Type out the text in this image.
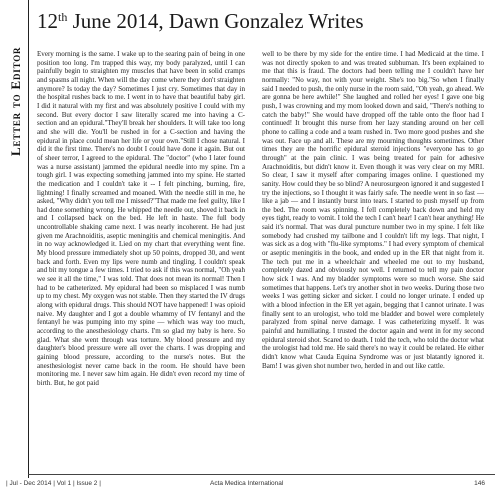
Letter to Editor
12th June 2014, Dawn Gonzalez Writes

Every morning is the same. I wake up to the searing pain of being in one position too long. I'm trapped this way, my body paralyzed, until I can painfully begin to straighten my muscles that have been in solid cramps and spasms all night. When will the day come where they don't straighten anymore? Is today the day? Sometimes I just cry. Sometimes that day in the hospital rushes back to me. I went in to have that beautiful baby girl. I did it natural with my first and was absolutely positive I could with my second. But every doctor I saw literally scared me into having a C-section and an epidural."They'll break her shoulders. It will take too long and she will die. You'll be rushed in for a C-section and having the epidural in place could mean her life or your own."Still I chose natural. I did it the first time. There's no doubt I could have done it again. But out of sheer terror, I agreed to the epidural. The "doctor" (who I later found was a nurse assistant) jammed the epidural needle into my spine. I'm a tough girl. I was expecting something jammed into my spine. He started the medication and I couldn't take it -- I felt pinching, burning, fire, lightning! I finally screamed and moaned. With the needle still in me, he asked, "Why didn't you tell me I missed?"That made me feel guilty, like I had done something wrong. He whipped the needle out, shoved it back in and I collapsed back on the bed. He left in haste. The full body uncontrollable shaking came next. I was nearly incoherent. He had just given me Arachnoiditis, aseptic meningitis and chemical meningitis. And in no way acknowledged it. Lied on my chart that everything went fine. My blood pressure immediately shot up 50 points, dropped 30, and went back and forth. Even my lips were numb and tingling. I couldn't speak and bit my tongue a few times. I tried to ask if this was normal, "Oh yeah we see it all the time," I was told. That does not mean its normal! Then I had to be catheterized. My epidural had been so misplaced I was numb up to my chest. My oxygen was not stable. Then they started the IV drugs along with epidural drugs. This should NOT have happened! I was opioid naive. My daughter and I got a double whammy of IV fentanyl and the fentanyl he was pumping into my spine — which was way too much, according to the anesthesiology charts. I'm so glad my baby is here. So glad. What she went through was torture. My blood pressure and my daughter's blood pressure were all over the charts. I was dropping and gaining blood pressure, according to the nurse's notes. But the anesthesiologist never came back in the room. He should have been monitoring me. I never saw him again. He didn't even record my time of birth. But, he got paid

well to be there by my side for the entire time. I had Medicaid at the time. I was not directly spoken to and was treated subhuman. It's been explained to me that this is fraud. The doctors had been telling me I couldn't have her normally: "No way, not with your weight. She's too big."So when I finally said I needed to push, the only nurse in the room said, "Oh yeah, go ahead. We are gonna be here awhile!" She laughed and rolled her eyes! I gave one big push, I was crowning and my mom looked down and said, "There's nothing to catch the baby!" She would have dropped off the table onto the floor had I continued! It brought this nurse from her lazy standing around on her cell phone to calling a code and a team rushed in. Two more good pushes and she was out. Face up and all. These are my mourning thoughts sometimes. Other times they are the horrific epidural steroid injections "everyone has to go through" at the pain clinic. I was being treated for pain for adhesive Arachnoiditis, but didn't know it. Even though it was very clear on my MRI. So clear, I saw it myself after comparing images online. I questioned my sanity. How could they be so blind? A neurosurgeon ignored it and suggested I try the injections, so I thought it was fairly safe. The needle went in so fast — like a jab — and I instantly burst into tears. I started to push myself up from the bed. The room was spinning. I fell completely back down and held my eyes tight, ready to vomit. I told the tech I can't hear! I can't hear anything! He said it's normal. That was dural puncture number two in my spine. I felt like somebody had crushed my tailbone and I couldn't lift my legs. That night, I was sick as a dog with "flu-like symptoms." I had every symptom of chemical or aseptic meningitis in the book, and ended up in the ER that night from it. The tech put me in a wheelchair and wheeled me out to my husband, completely dazed and obviously not well. I returned to tell my pain doctor how sick I was. And my bladder symptoms were so much worse. She said sometimes that happens. Let's try another shot in two weeks. During those two weeks I was getting sicker and sicker. I could no longer urinate. I ended up with a blood infection in the ER yet again, begging that I cannot urinate. I was finally sent to an urologist, who told me bladder and bowel were completely paralyzed from spinal nerve damage. I was catheterizing myself. It was painful and humiliating. I trusted the doctor again and went in for my second epidural steroid shot. Scared to death. I told the tech, who told the doctor what the urologist had told me. He said there's no way it could be related. He either didn't know what Cauda Equina Syndrome was or just blatantly ignored it. Bam! I was given shot number two, herded in and out like cattle.

| Jul - Dec 2014 | Vol 1 | Issue 2 |	Acta Medica International	146
